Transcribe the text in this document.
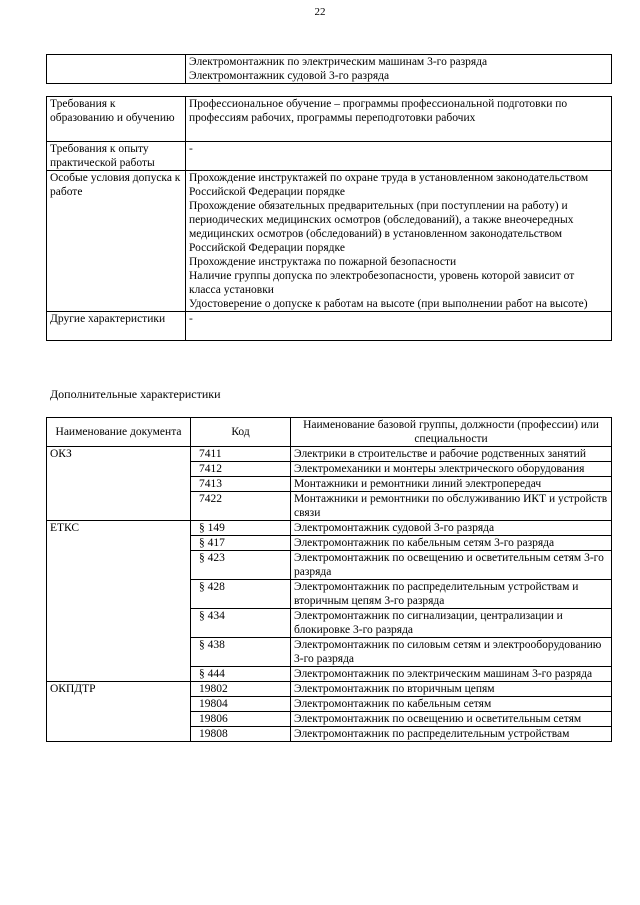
22

Электромонтажник по электрическим машинам 3-го разряда
Электромонтажник судовой 3-го разряда
Требования к образованию и обучению	Профессиональное обучение – программы профессиональной подготовки по профессиям рабочих, программы переподготовки рабочих
Требования к опыту практической работы	-
Особые условия допуска к работе	Прохождение инструктажей по охране труда в установленном законодательством Российской Федерации порядке
Прохождение обязательных предварительных (при поступлении на работу) и периодических медицинских осмотров (обследований), а также внеочередных медицинских осмотров (обследований) в установленном законодательством Российской Федерации порядке
Прохождение инструктажа по пожарной безопасности
Наличие группы допуска по электробезопасности, уровень которой зависит от класса установки
Удостоверение о допуске к работам на высоте (при выполнении работ на высоте)

Другие характеристики	-
Дополнительные характеристики
Наименование документа	Код	Наименование базовой группы, должности (профессии) или специальности
ОКЗ	7411	Электрики в строительстве и рабочие родственных занятий
	7412	Электромеханики и монтеры электрического оборудования
	7413	Монтажники и ремонтники линий электропередач
	7422	Монтажники и ремонтники по обслуживанию ИКТ и устройств связи
ЕТКС	§ 149	Электромонтажник судовой 3-го разряда
	§ 417	Электромонтажник по кабельным сетям 3-го разряда
	§ 423	Электромонтажник по освещению и осветительным сетям 3-го разряда
	§ 428	Электромонтажник по распределительным устройствам и вторичным цепям 3-го разряда
	§ 434	Электромонтажник по сигнализации, централизации и блокировке 3-го разряда
	§ 438	Электромонтажник по силовым сетям и электрооборудованию 3-го разряда
	§ 444	Электромонтажник по электрическим машинам 3-го разряда
ОКПДТР	19802	Электромонтажник по вторичным цепям
	19804	Электромонтажник по кабельным сетям
	19806	Электромонтажник по освещению и осветительным сетям
	19808	Электромонтажник по распределительным устройствам
